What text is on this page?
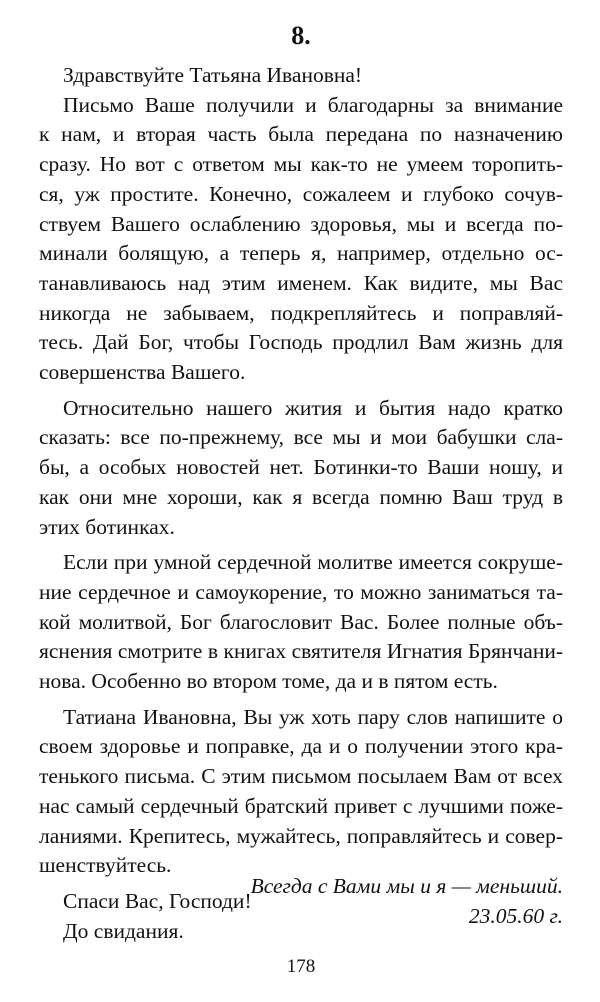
8.

Здравствуйте Татьяна Ивановна!

Письмо Ваше получили и благодарны за внимание
к нам, и вторая часть была передана по назначению
сразу. Но вот с ответом мы как-то не умеем торопить-
ся, уж простите. Конечно, сожалеем и глубоко сочув-
ствуем Вашего ослаблению здоровья, мы и всегда по-
минали болящую, а теперь я, например, отдельно ос-
танавливаюсь над этим именем. Как видите, мы Вас
никогда не забываем, подкрепляйтесь и поправляй-
тесь. Дай Бог, чтобы Господь продлил Вам жизнь для
совершенства Вашего.
Относительно нашего жития и бытия надо кратко
сказать: все по-прежнему, все мы и мои бабушки сла-
бы, а особых новостей нет. Ботинки-то Ваши ношу, и
как они мне хороши, как я всегда помню Ваш труд в
этих ботинках.
Если при умной сердечной молитве имеется сокруше-
ние сердечное и самоукорение, то можно заниматься та-
кой молитвой, Бог благословит Вас. Более полные объ-
яснения смотрите в книгах святителя Игнатия Брянчани-
нова. Особенно во втором томе, да и в пятом есть.
Татиана Ивановна, Вы уж хоть пару слов напишите о
своем здоровье и поправке, да и о получении этого кра-
тенького письма. С этим письмом посылаем Вам от всех
нас самый сердечный братский привет с лучшими поже-
ланиями. Крепитесь, мужайтесь, поправляйтесь и совер-
шенствуйтесь.

Спаси Вас, Господи!

До свидания.

Всегда с Вами мы и я — меньший.
23.05.60 г.
178
